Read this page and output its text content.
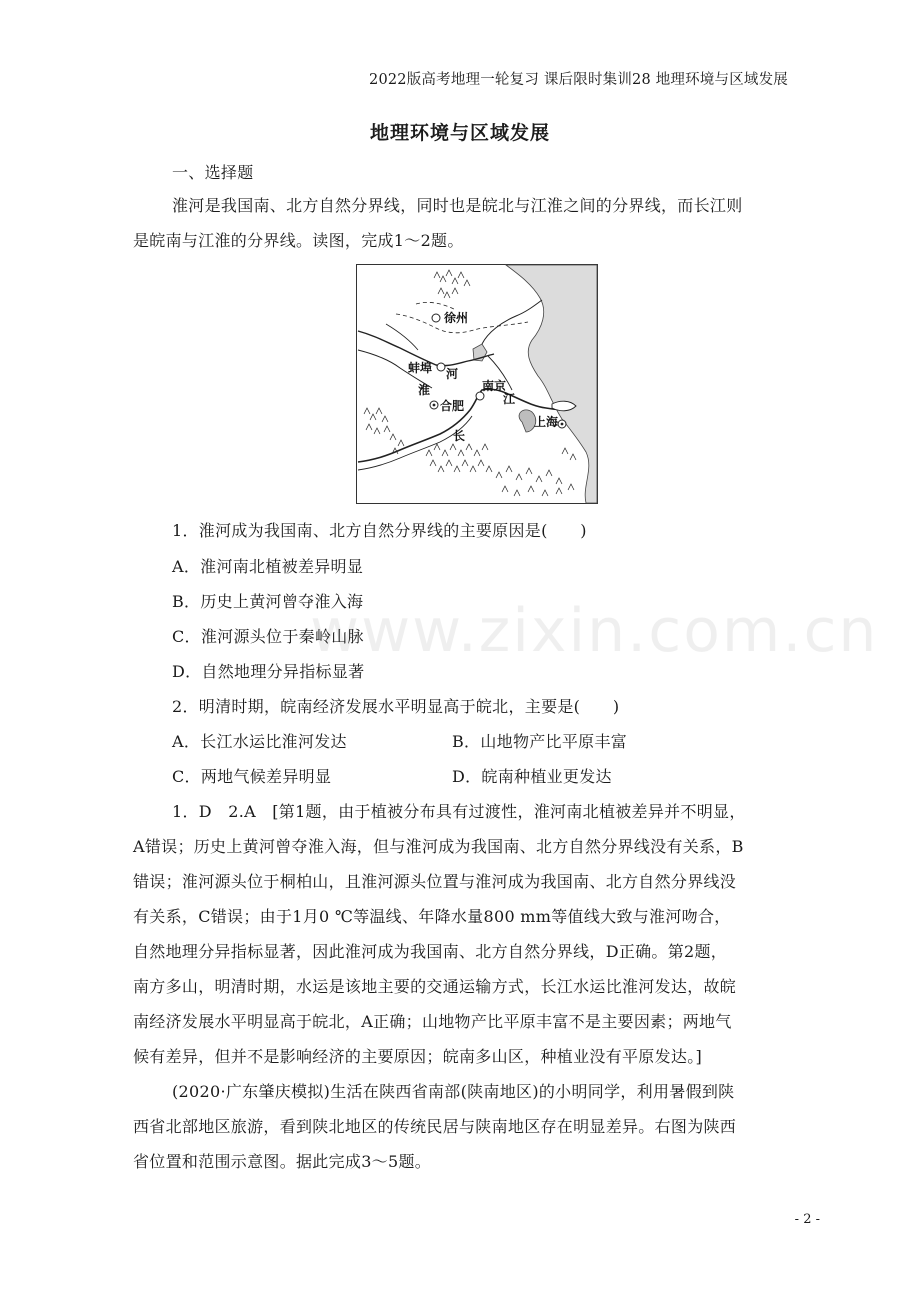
2022版高考地理一轮复习 课后限时集训28 地理环境与区域发展
地理环境与区域发展
一、选择题
淮河是我国南、北方自然分界线，同时也是皖北与江淮之间的分界线，而长江则
是皖南与江淮的分界线。读图，完成1～2题。
徐州
蚌埠
淮
河
南京
合肥	江
长
上海
1．淮河成为我国南、北方自然分界线的主要原因是(　　)
A．淮河南北植被差异明显
B．历史上黄河曾夺淮入海
C．淮河源头位于秦岭山脉
D．自然地理分异指标显著
2．明清时期，皖南经济发展水平明显高于皖北，主要是(　　)
A．长江水运比淮河发达	B．山地物产比平原丰富
C．两地气候差异明显	D．皖南种植业更发达
1．D　2.A　[第1题，由于植被分布具有过渡性，淮河南北植被差异并不明显，
A错误；历史上黄河曾夺淮入海，但与淮河成为我国南、北方自然分界线没有关系，B
错误；淮河源头位于桐柏山，且淮河源头位置与淮河成为我国南、北方自然分界线没
有关系，C错误；由于1月0 ℃等温线、年降水量800 mm等值线大致与淮河吻合，
自然地理分异指标显著，因此淮河成为我国南、北方自然分界线，D正确。第2题，
南方多山，明清时期，水运是该地主要的交通运输方式，长江水运比淮河发达，故皖
南经济发展水平明显高于皖北，A正确；山地物产比平原丰富不是主要因素；两地气
候有差异，但并不是影响经济的主要原因；皖南多山区，种植业没有平原发达。]
(2020·广东肇庆模拟)生活在陕西省南部(陕南地区)的小明同学，利用暑假到陕
西省北部地区旅游，看到陕北地区的传统民居与陕南地区存在明显差异。右图为陕西
省位置和范围示意图。据此完成3～5题。
www.zixin.com.cn
- 2 -
